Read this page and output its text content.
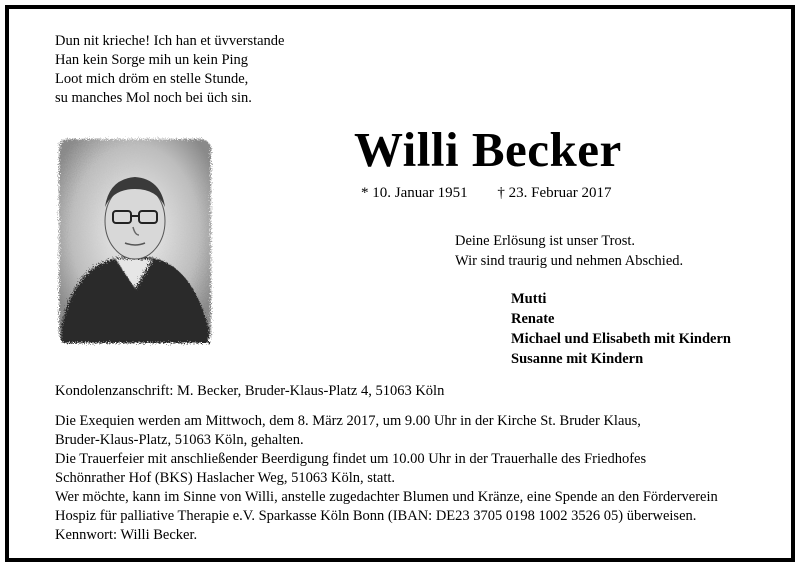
Dun nit krieche! Ich han et üvverstande
Han kein Sorge mih un kein Ping
Loot mich dröm en stelle Stunde,
su manches Mol noch bei üch sin.
Willi Becker
* 10. Januar 1951 † 23. Februar 2017
Deine Erlösung ist unser Trost.
Wir sind traurig und nehmen Abschied.
Mutti
Renate
Michael und Elisabeth mit Kindern
Susanne mit Kindern
Kondolenzanschrift: M. Becker, Bruder-Klaus-Platz 4, 51063 Köln
Die Exequien werden am Mittwoch, dem 8. März 2017, um 9.00 Uhr in der Kirche St. Bruder Klaus,
Bruder-Klaus-Platz, 51063 Köln, gehalten.
Die Trauerfeier mit anschließender Beerdigung findet um 10.00 Uhr in der Trauerhalle des Friedhofes
Schönrather Hof (BKS) Haslacher Weg, 51063 Köln, statt.
Wer möchte, kann im Sinne von Willi, anstelle zugedachter Blumen und Kränze, eine Spende an den Förderverein
Hospiz für palliative Therapie e.V. Sparkasse Köln Bonn (IBAN: DE23 3705 0198 1002 3526 05) überweisen.
Kennwort: Willi Becker.
